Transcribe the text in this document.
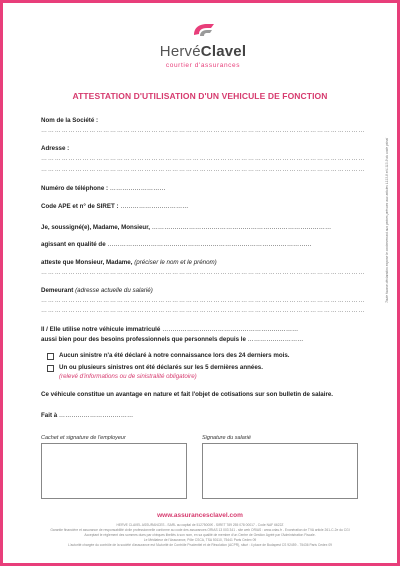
HervéClavel
courtier d'assurances
ATTESTATION D'UTILISATION D'UN VEHICULE DE FONCTION
Nom de la Société :
……………………………………………………………………………………………………………………………
Adresse :
……………………………………………………………………………………………………………………………
……………………………………………………………………………………………………………………………
Numéro de téléphone : ………………………
Code APE et n° de SIRET : ……………………………
Je, soussigné(e), Madame, Monsieur, ……………………………………………………………………………
agissant en qualité de ………………………………………………………………………………………
atteste que Monsieur, Madame, (préciser le nom et le prénom)
……………………………………………………………………………………………………………………………
Demeurant (adresse actuelle du salarié)
……………………………………………………………………………………………………………………………
……………………………………………………………………………………………………………………………
Il / Elle utilise notre véhicule immatriculé …………………………………………………………
aussi bien pour des besoins professionnels que personnels depuis le ………………………
Aucun sinistre n'a été déclaré à notre connaissance lors des 24 derniers mois.
Un ou plusieurs sinistres ont été déclarés sur les 5 dernières années.
(relevé d'informations ou de sinistralité obligatoire)
Ce véhicule constitue un avantage en nature et fait l'objet de cotisations sur son bulletin de salaire.
Fait à ………………………………
Cachet et signature de l'employeur	Signature du salarié
www.assurancesclavel.com
HERVE CLAVEL ASSURANCES - SARL au capital de 51275000€ - SIRET 789 255 078 00017 - Code NAF 6622Z
Garantie financière et assurance de responsabilité civile professionnelle conforme au code des assurances ORIAS 13 003 341 - site web ORIAS : www.orias.fr - Exonération de TVA article 261-C-2e du CGI
Acceptant le règlement des sommes dues par chèques libellés à son nom, en sa qualité de membre d'un Centre de Gestion Agréé par l'Administration Fiscale.
Le Médiateur de l'Assurance, Pôle CSCA, TSA 50110, 75441 Paris Cedex 09
L'autorité chargée du contrôle de la société d'assurance est l'Autorité de Contrôle Prudentiel et de Résolution (ACPR), situé : 4 place de Budapest CS 92459 - 75436 Paris Cedex 09
Toute fausse déclaration expose le contrevenant aux peines prévues aux articles L113-8 et L113-9 du code pénal
